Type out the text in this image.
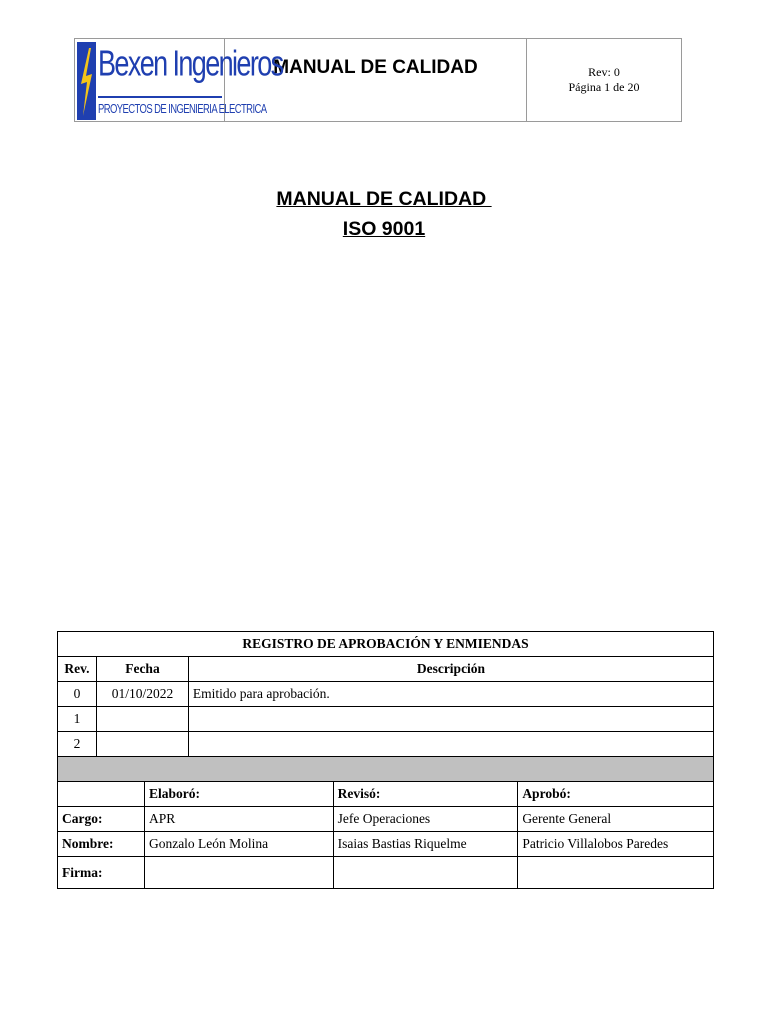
Bexen Ingenieros
PROYECTOS DE INGENIERIA ELECTRICA
MANUAL DE CALIDAD	Rev: 0
Página 1 de 20
MANUAL DE CALIDAD
ISO 9001
REGISTRO DE APROBACIÓN Y ENMIENDAS					
Rev.	Fecha		Descripción		
0	01/10/2022		Emitido para aprobación.		
1					
2					

		Elaboró:		Revisó:	Aprobó:
Cargo:		APR		Jefe Operaciones	Gerente General
Nombre:		Gonzalo León Molina		Isaias Bastias Riquelme	Patricio Villalobos Paredes
Firma:					
